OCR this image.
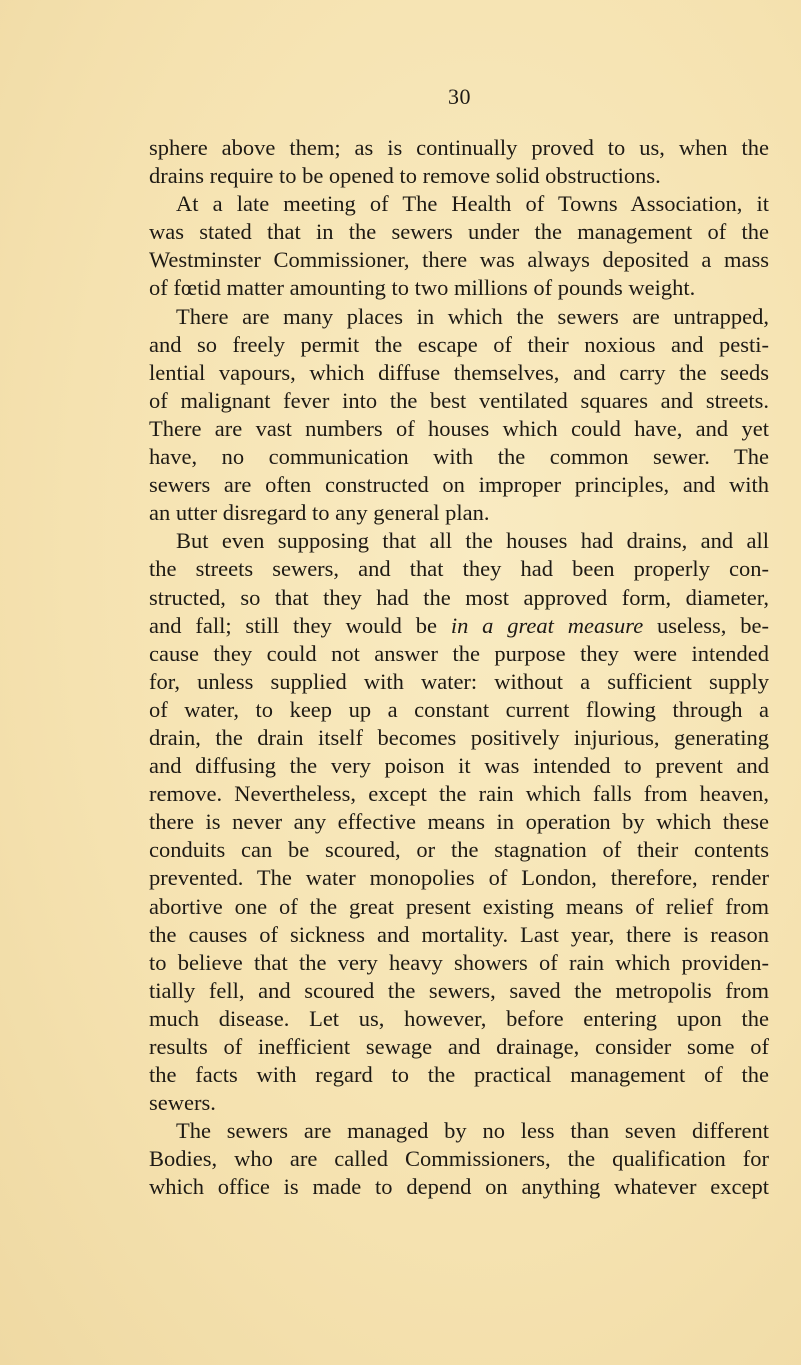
30
sphere above them; as is continually proved to us, when the
drains require to be opened to remove solid obstructions.
At a late meeting of The Health of Towns Association, it
was stated that in the sewers under the management of the
Westminster Commissioner, there was always deposited a mass
of fœtid matter amounting to two millions of pounds weight.
There are many places in which the sewers are untrapped,
and so freely permit the escape of their noxious and pesti-
lential vapours, which diffuse themselves, and carry the seeds
of malignant fever into the best ventilated squares and streets.
There are vast numbers of houses which could have, and yet
have, no communication with the common sewer. The
sewers are often constructed on improper principles, and with
an utter disregard to any general plan.
But even supposing that all the houses had drains, and all
the streets sewers, and that they had been properly con-
structed, so that they had the most approved form, diameter,
and fall; still they would be in a great measure useless, be-
cause they could not answer the purpose they were intended
for, unless supplied with water: without a sufficient supply
of water, to keep up a constant current flowing through a
drain, the drain itself becomes positively injurious, generating
and diffusing the very poison it was intended to prevent and
remove. Nevertheless, except the rain which falls from heaven,
there is never any effective means in operation by which these
conduits can be scoured, or the stagnation of their contents
prevented. The water monopolies of London, therefore, render
abortive one of the great present existing means of relief from
the causes of sickness and mortality. Last year, there is reason
to believe that the very heavy showers of rain which providen-
tially fell, and scoured the sewers, saved the metropolis from
much disease. Let us, however, before entering upon the
results of inefficient sewage and drainage, consider some of
the facts with regard to the practical management of the
sewers.
The sewers are managed by no less than seven different
Bodies, who are called Commissioners, the qualification for
which office is made to depend on anything whatever except
